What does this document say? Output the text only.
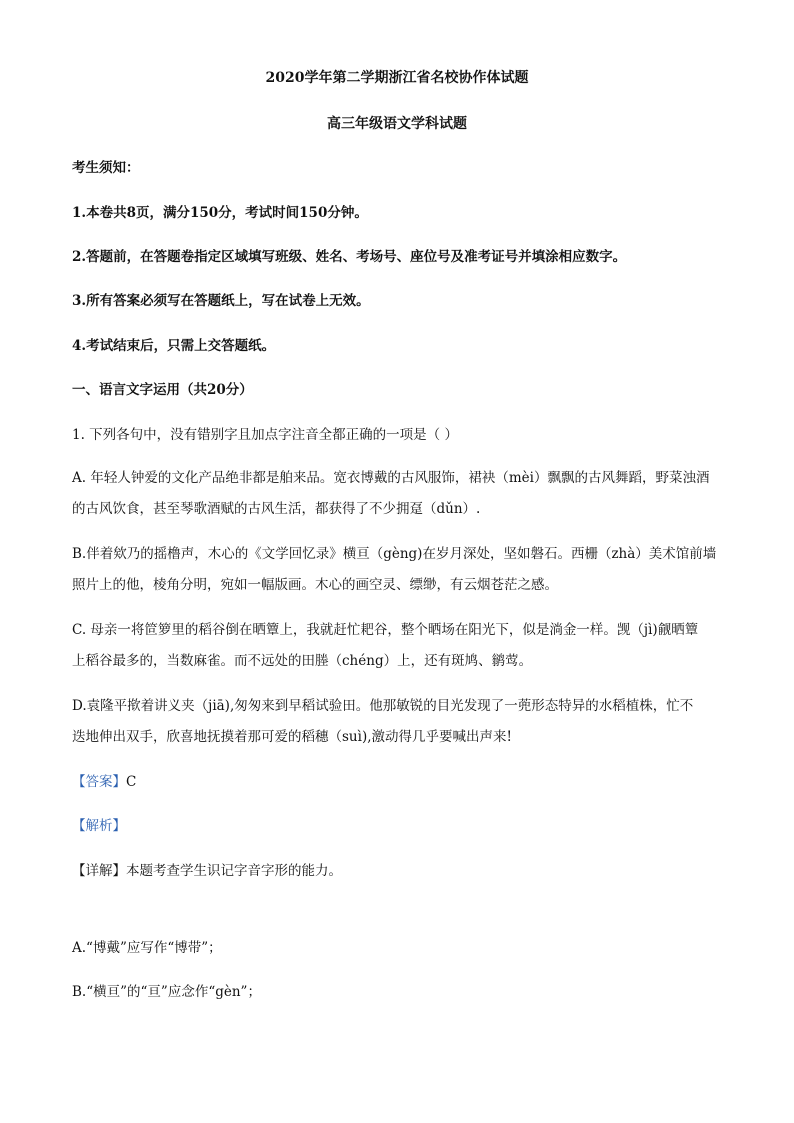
2020学年第二学期浙江省名校协作体试题
高三年级语文学科试题
考生须知：
1.本卷共8页，满分150分，考试时间150分钟。
2.答题前，在答题卷指定区域填写班级、姓名、考场号、座位号及准考证号并填涂相应数字。
3.所有答案必须写在答题纸上，写在试卷上无效。
4.考试结束后，只需上交答题纸。
一、语言文字运用（共20分）
1. 下列各句中，没有错别字且加点字注音全都正确的一项是（ ）
A. 年轻人钟爱的文化产品绝非都是舶来品。宽衣博戴的古风服饰，裙袂（mèi）飘飘的古风舞蹈，野菜浊酒
的古风饮食，甚至琴歌酒赋的古风生活，都获得了不少拥趸（dǔn）.
B.伴着欸乃的摇橹声，木心的《文学回忆录》横亘（gèng)在岁月深处，坚如磐石。西栅（zhà）美术馆前墙
照片上的他，棱角分明，宛如一幅版画。木心的画空灵、缥缈，有云烟苍茫之感。
C. 母亲一将笸箩里的稻谷倒在晒簟上，我就赶忙耙谷，整个晒场在阳光下，似是淌金一样。觊（jì)觎晒簟
上稻谷最多的，当数麻雀。而不远处的田塍（chéng）上，还有斑鸠、鹟莺。
D.袁隆平揿着讲义夹（jiā),匆匆来到早稻试验田。他那敏锐的目光发现了一蔸形态特异的水稻植株，忙不
迭地伸出双手，欣喜地抚摸着那可爱的稻穗（suì),激动得几乎要喊出声来!
【答案】C
【解析】
【详解】本题考查学生识记字音字形的能力。
A.“博戴”应写作“博带”；
B.“横亘”的“亘”应念作“gèn”；
